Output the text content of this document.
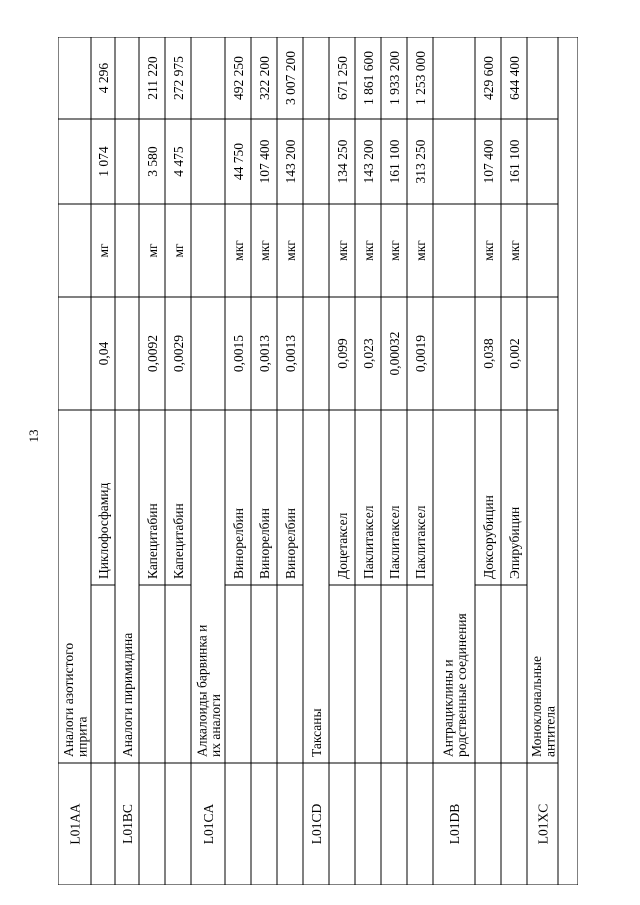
13
L01AA
Аналоги азотистогоиприта
Циклофосфамид
0,04
мг
1 074
4 296
L01BC
Аналоги пиримидина
Капецитабин
0,0092
мг
3 580
211 220
Капецитабин
0,0029
мг
4 475
272 975
L01CA
Алкалоиды барвинка иих аналоги
Винорелбин
0,0015
мкг
44 750
492 250
Винорелбин
0,0013
мкг
107 400
322 200
Винорелбин
0,0013
мкг
143 200
3 007 200
L01CD
Таксаны
Доцетаксел
0,099
мкг
134 250
671 250
Паклитаксел
0,023
мкг
143 200
1 861 600
Паклитаксел
0,00032
мкг
161 100
1 933 200
Паклитаксел
0,0019
мкг
313 250
1 253 000
L01DB
Антрациклины иродственные соединения
Доксорубицин
0,038
мкг
107 400
429 600
Эпирубицин
0,002
мкг
161 100
644 400
L01XC
Моноклональныеантитела
